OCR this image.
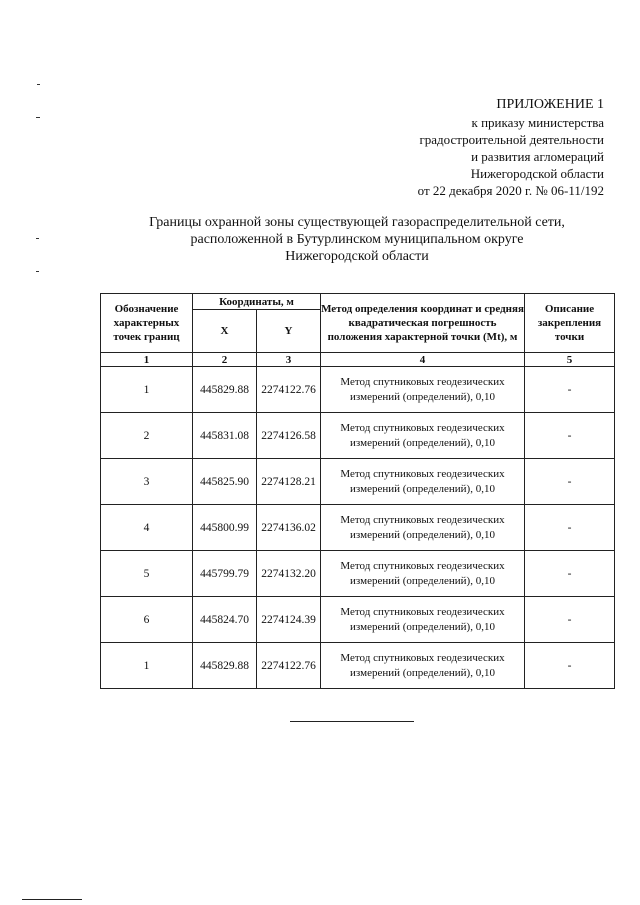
ПРИЛОЖЕНИЕ 1
к приказу министерства
градостроительной деятельности
и развития агломераций
Нижегородской области
от 22 декабря 2020 г. № 06-11/192
Границы охранной зоны существующей газораспределительной сети,
расположенной в Бутурлинском муниципальном округе
Нижегородской области
Обозначение характерных точек границ	Координаты, м		Метод определения координат и средняя квадратическая погрешность положения характерной точки (Mt), м	Описание закрепления точки
	X	Y		
1	2	3	4	5
1	445829.88	2274122.76	Метод спутниковых геодезических измерений (определений), 0,10	-
2	445831.08	2274126.58	Метод спутниковых геодезических измерений (определений), 0,10	-
3	445825.90	2274128.21	Метод спутниковых геодезических измерений (определений), 0,10	-
4	445800.99	2274136.02	Метод спутниковых геодезических измерений (определений), 0,10	-
5	445799.79	2274132.20	Метод спутниковых геодезических измерений (определений), 0,10	-
6	445824.70	2274124.39	Метод спутниковых геодезических измерений (определений), 0,10	-
1	445829.88	2274122.76	Метод спутниковых геодезических измерений (определений), 0,10	-
